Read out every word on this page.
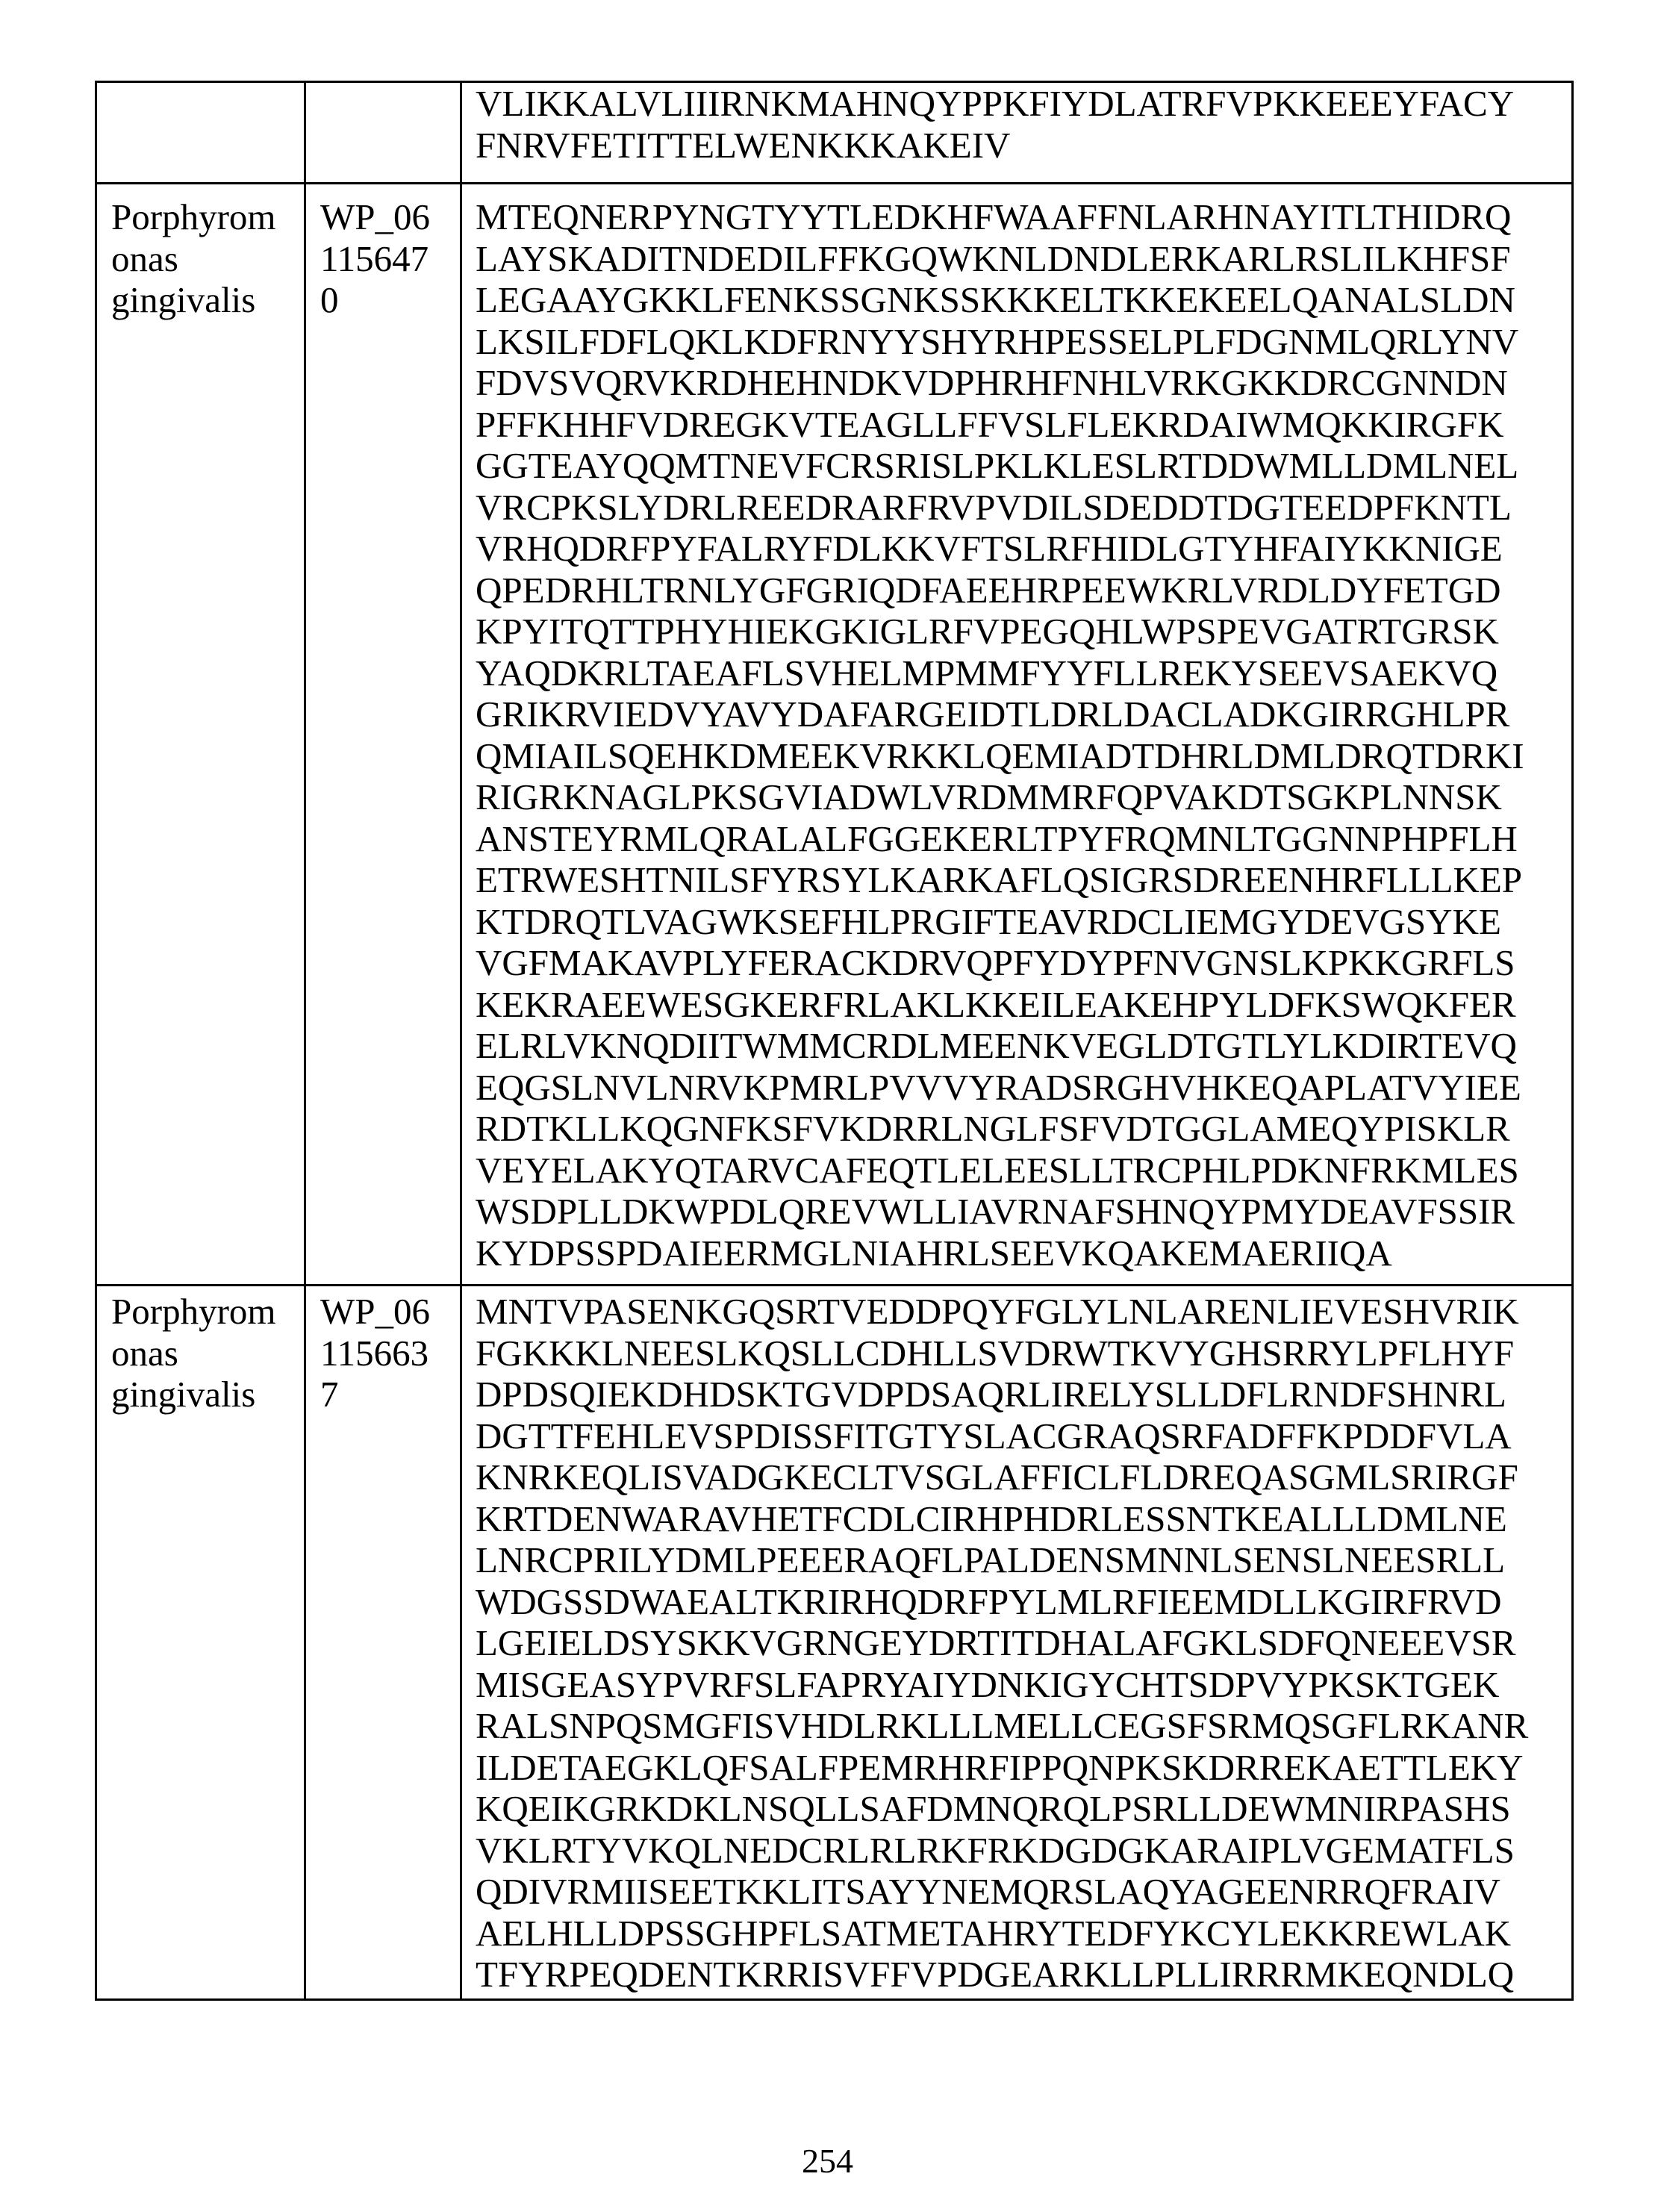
VLIKKALVLIIIRNKMAHNQYPPKFIYDLATRFVPKKEEEYFACY
FNRVFETITTELWENKKKAKEIV

Porphyrom
onas
gingivalis

WP_06
115647
0

MTEQNERPYNGTYYTLEDKHFWAAFFNLARHNAYITLTHIDRQ
LAYSKADITNDEDILFFKGQWKNLDNDLERKARLRSLILKHFSF
LEGAAYGKKLFENKSSGNKSSKKKELTKKEKEELQANALSLDN
LKSILFDFLQKLKDFRNYYSHYRHPESSELPLFDGNMLQRLYNV
FDVSVQRVKRDHEHNDKVDPHRHFNHLVRKGKKDRCGNNDN
PFFKHHFVDREGKVTEAGLLFFVSLFLEKRDAIWMQKKIRGFK
GGTEAYQQMTNEVFCRSRISLPKLKLESLRTDDWMLLDMLNEL
VRCPKSLYDRLREEDRARFRVPVDILSDEDDTDGTEEDPFKNTL
VRHQDRFPYFALRYFDLKKVFTSLRFHIDLGTYHFAIYKKNIGE
QPEDRHLTRNLYGFGRIQDFAEEHRPEEWKRLVRDLDYFETGD
KPYITQTTPHYHIEKGKIGLRFVPEGQHLWPSPEVGATRTGRSK
YAQDKRLTAEAFLSVHELMPMMFYYFLLREKYSEEVSAEKVQ
GRIKRVIEDVYAVYDAFARGEIDTLDRLDACLADKGIRRGHLPR
QMIAILSQEHKDMEEKVRKKLQEMIADTDHRLDMLDRQTDRKI
RIGRKNAGLPKSGVIADWLVRDMMRFQPVAKDTSGKPLNNSK
ANSTEYRMLQRALALFGGEKERLTPYFRQMNLTGGNNPHPFLH
ETRWESHTNILSFYRSYLKARKAFLQSIGRSDREENHRFLLLKEP
KTDRQTLVAGWKSEFHLPRGIFTEAVRDCLIEMGYDEVGSYKE
VGFMAKAVPLYFERACKDRVQPFYDYPFNVGNSLKPKKGRFLS
KEKRAEEWESGKERFRLAKLKKEILEAKEHPYLDFKSWQKFER
ELRLVKNQDIITWMMCRDLMEENKVEGLDTGTLYLKDIRTEVQ
EQGSLNVLNRVKPMRLPVVVYRADSRGHVHKEQAPLATVYIEE
RDTKLLKQGNFKSFVKDRRLNGLFSFVDTGGLAMEQYPISKLR
VEYELAKYQTARVCAFEQTLELEESLLTRCPHLPDKNFRKMLES
WSDPLLDKWPDLQREVWLLIAVRNAFSHNQYPMYDEAVFSSIR
KYDPSSPDAIEERMGLNIAHRLSEEVKQAKEMAERIIQA

Porphyrom
onas
gingivalis

WP_06
115663
7

MNTVPASENKGQSRTVEDDPQYFGLYLNLARENLIEVESHVRIK
FGKKKLNEESLKQSLLCDHLLSVDRWTKVYGHSRRYLPFLHYF
DPDSQIEKDHDSKTGVDPDSAQRLIRELYSLLDFLRNDFSHNRL
DGTTFEHLEVSPDISSFITGTYSLACGRAQSRFADFFKPDDFVLA
KNRKEQLISVADGKECLTVSGLAFFICLFLDREQASGMLSRIRGF
KRTDENWARAVHETFCDLCIRHPHDRLESSNTKEALLLDMLNE
LNRCPRILYDMLPEEERAQFLPALDENSMNNLSENSLNEESRLL
WDGSSDWAEALTKRIRHQDRFPYLMLRFIEEMDLLKGIRFRVD
LGEIELDSYSKKVGRNGEYDRTITDHALAFGKLSDFQNEEEVSR
MISGEASYPVRFSLFAPRYAIYDNKIGYCHTSDPVYPKSKTGEK
RALSNPQSMGFISVHDLRKLLLMELLCEGSFSRMQSGFLRKANR
ILDETAEGKLQFSALFPEMRHRFIPPQNPKSKDRREKAETTLEKY
KQEIKGRKDKLNSQLLSAFDMNQRQLPSRLLDEWMNIRPASHS
VKLRTYVKQLNEDCRLRLRKFRKDGDGKARAIPLVGEMATFLS
QDIVRMIISEETKKLITSAYYNEMQRSLAQYAGEENRRQFRAIV
AELHLLDPSSGHPFLSATMETAHRYTEDFYKCYLEKKREWLAK
TFYRPEQDENTKRRISVFFVPDGEARKLLPLLIRRRMKEQNDLQ
254
